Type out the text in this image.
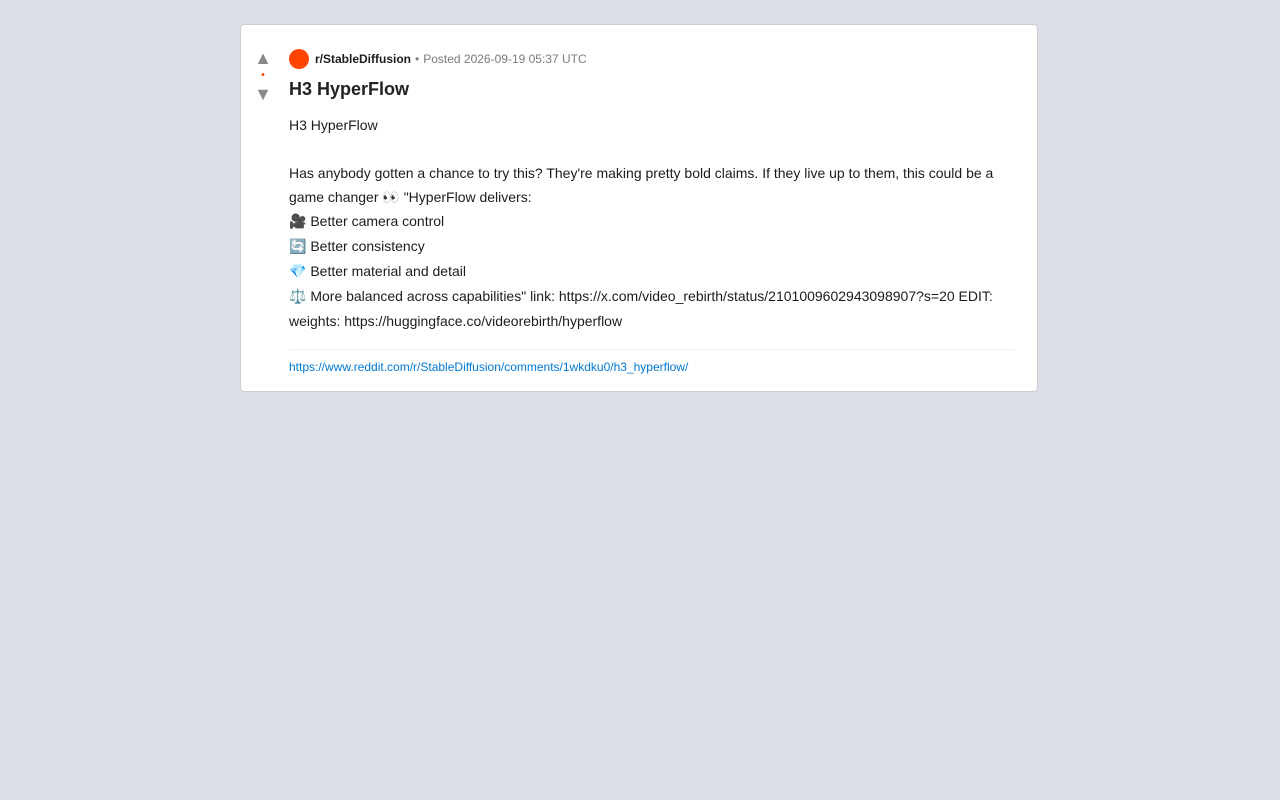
▲
•
▼
r/StableDiffusion • Posted 2026-09-19 05:37 UTC
H3 HyperFlow

H3 HyperFlow

Has anybody gotten a chance to try this? They're making pretty bold claims. If they live up to them, this could be a game changer 👀 "HyperFlow delivers:

🎥 Better camera control

🔄 Better consistency

💎 Better material and detail

⚖️ More balanced across capabilities" link: https://x.com/video_rebirth/status/2101009602943098907?s=20 EDIT: weights: https://huggingface.co/videorebirth/hyperflow

https://www.reddit.com/r/StableDiffusion/comments/1wkdku0/h3_hyperflow/
